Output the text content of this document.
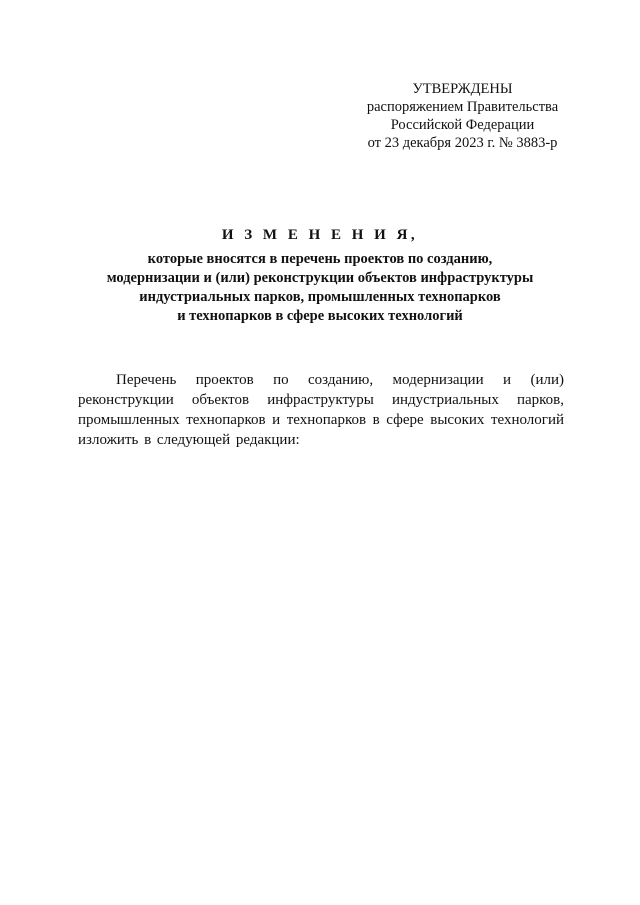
УТВЕРЖДЕНЫ
распоряжением Правительства
Российской Федерации
от 23 декабря 2023 г. № 3883-р
И З М Е Н Е Н И Я,
которые вносятся в перечень проектов по созданию,
модернизации и (или) реконструкции объектов инфраструктуры
индустриальных парков, промышленных технопарков
и технопарков в сфере высоких технологий

Перечень проектов по созданию, модернизации и (или) реконструкции объектов инфраструктуры индустриальных парков, промышленных технопарков и технопарков в сфере высоких технологий изложить в следующей редакции:
